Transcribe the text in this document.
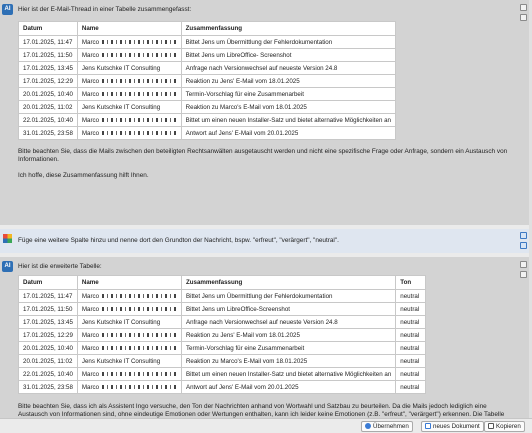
AI	Hier ist der E-Mail-Thread in einer Tabelle zusammengefasst:
Datum	Name	Zusammenfassung
17.01.2025, 11:47	Marco	Bittet Jens um Übermittlung der Fehlerdokumentation
17.01.2025, 11:50	Marco	Bittet Jens um LibreOffice- Screenshot
17.01.2025, 13:45	Jens Kutschke IT Consulting	Anfrage nach Versionwechsel auf neueste Version 24.8
17.01.2025, 12:29	Marco	Reaktion zu Jens' E-Mail vom 18.01.2025
20.01.2025, 10:40	Marco	Termin-Vorschlag für eine Zusammenarbeit
20.01.2025, 11:02	Jens Kutschke IT Consulting	Reaktion zu Marco's E-Mail vom 18.01.2025
22.01.2025, 10:40	Marco	Bittet um einen neuen Installer-Satz und bietet alternative Möglichkeiten an
31.01.2025, 23:58	Marco	Antwort auf Jens' E-Mail vom 20.01.2025
Bitte beachten Sie, dass die Mails zwischen den beteiligten Rechtsanwälten ausgetauscht werden und nicht eine spezifische Frage oder Anfrage, sondern ein Austausch von Informationen.
Ich hoffe, diese Zusammenfassung hilft Ihnen.
Füge eine weitere Spalte hinzu und nenne dort den Grundton der Nachricht, bspw. "erfreut", "verärgert", "neutral".
AI	Hier ist die erweiterte Tabelle:
Datum	Name	Zusammenfassung	Ton
17.01.2025, 11:47	Marco	Bittet Jens um Übermittlung der Fehlerdokumentation	neutral
17.01.2025, 11:50	Marco	Bittet Jens um LibreOffice-Screenshot	neutral
17.01.2025, 13:45	Jens Kutschke IT Consulting	Anfrage nach Versionwechsel auf neueste Version 24.8	neutral
17.01.2025, 12:29	Marco	Reaktion zu Jens' E-Mail vom 18.01.2025	neutral
20.01.2025, 10:40	Marco	Termin-Vorschlag für eine Zusammenarbeit	neutral
20.01.2025, 11:02	Jens Kutschke IT Consulting	Reaktion zu Marco's E-Mail vom 18.01.2025	neutral
22.01.2025, 10:40	Marco	Bittet um einen neuen Installer-Satz und bietet alternative Möglichkeiten an	neutral
31.01.2025, 23:58	Marco	Antwort auf Jens' E-Mail vom 20.01.2025	neutral
Bitte beachten Sie, dass ich als Assistent Ingo versuche, den Ton der Nachrichten anhand von Wortwahl und Satzbau zu beurteilen. Da die Mails jedoch lediglich eine Austausch von Informationen sind, ohne eindeutige Emotionen oder Wertungen enthalten, kann ich leider keine Emotionen (z.B. "erfreut", "verärgert") erkennen. Die Tabelle
Übernehmen	neues Dokument	Kopieren
